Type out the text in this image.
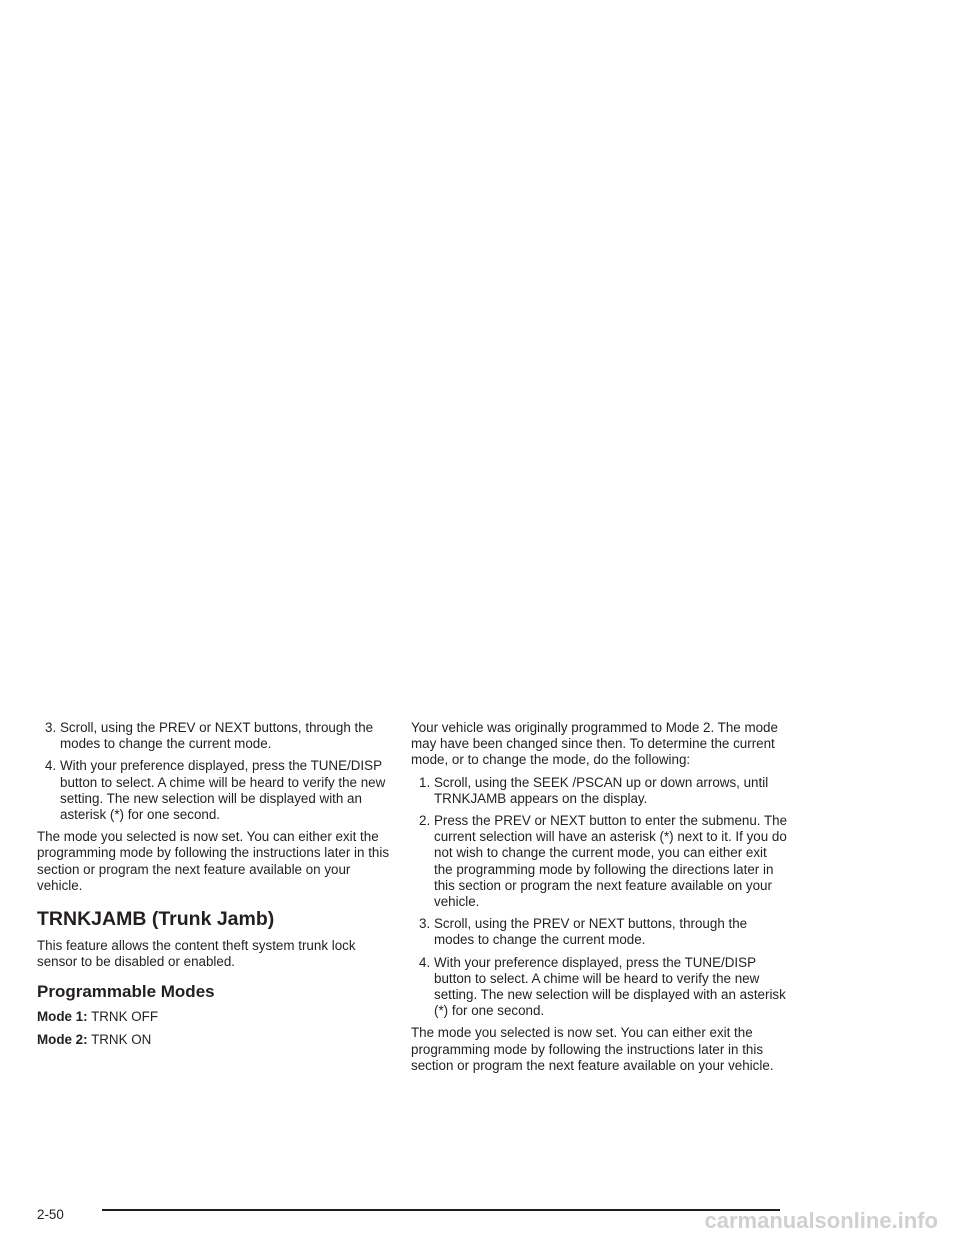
3. Scroll, using the PREV or NEXT buttons, through the modes to change the current mode.
4. With your preference displayed, press the TUNE/DISP button to select. A chime will be heard to verify the new setting. The new selection will be displayed with an asterisk (*) for one second.

The mode you selected is now set. You can either exit the programming mode by following the instructions later in this section or program the next feature available on your vehicle.

TRNKJAMB (Trunk Jamb)

This feature allows the content theft system trunk lock sensor to be disabled or enabled.

Programmable Modes
Mode 1: TRNK OFF
Mode 2: TRNK ON

Your vehicle was originally programmed to Mode 2. The mode may have been changed since then. To determine the current mode, or to change the mode, do the following:

1. Scroll, using the SEEK /PSCAN up or down arrows, until TRNKJAMB appears on the display.
2. Press the PREV or NEXT button to enter the submenu. The current selection will have an asterisk (*) next to it. If you do not wish to change the current mode, you can either exit the programming mode by following the directions later in this section or program the next feature available on your vehicle.
3. Scroll, using the PREV or NEXT buttons, through the modes to change the current mode.
4. With your preference displayed, press the TUNE/DISP button to select. A chime will be heard to verify the new setting. The new selection will be displayed with an asterisk (*) for one second.

The mode you selected is now set. You can either exit the programming mode by following the instructions later in this section or program the next feature available on your vehicle.

2-50	carmanualsonline.info
